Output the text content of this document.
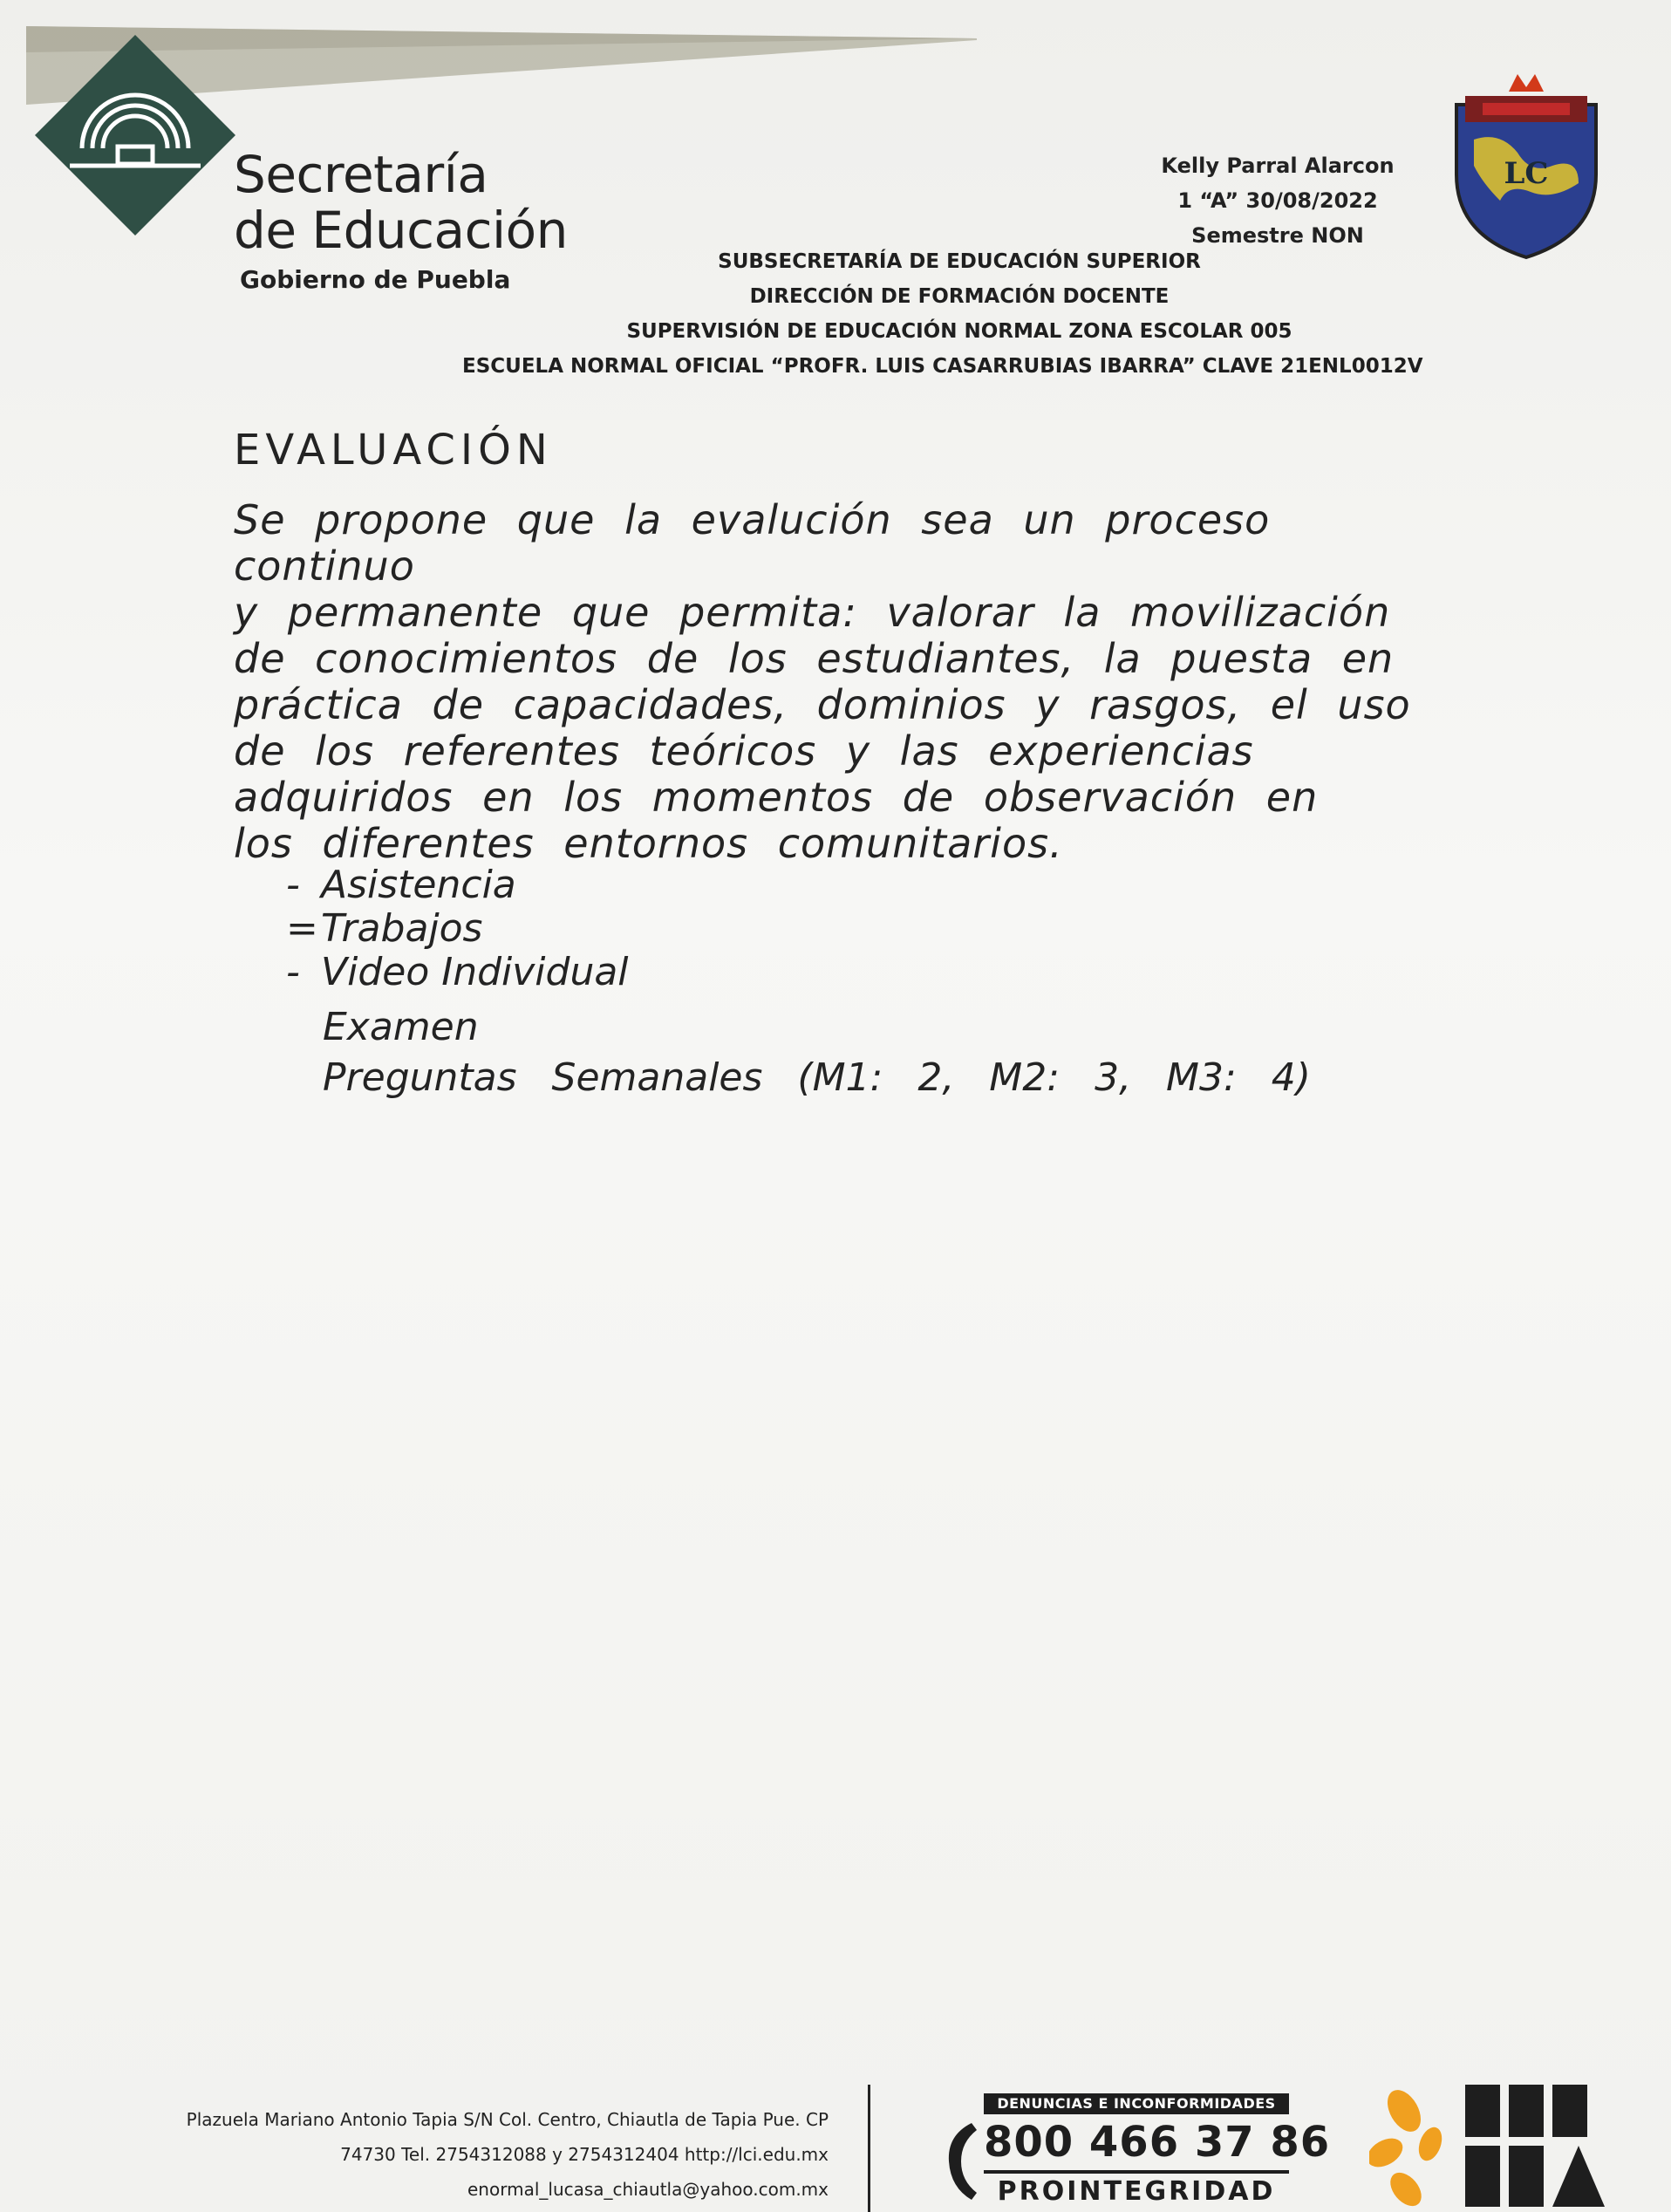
Secretaría
de Educación
Gobierno de Puebla
Kelly Parral Alarcon
1 “A” 30/08/2022
Semestre NON
LC
SUBSECRETARÍA DE EDUCACIÓN SUPERIOR
DIRECCIÓN DE FORMACIÓN DOCENTE
SUPERVISIÓN DE EDUCACIÓN NORMAL ZONA ESCOLAR 005
ESCUELA NORMAL OFICIAL “PROFR. LUIS CASARRUBIAS IBARRA” CLAVE 21ENL0012V
EVALUACIÓN
Se propone que la evalución sea un proceso continuo
y permanente que permita: valorar la movilización
de conocimientos de los estudiantes, la puesta en
práctica de capacidades, dominios y rasgos, el uso
de los referentes teóricos y las experiencias
adquiridos en los momentos de observación en
los diferentes entornos comunitarios.
- Asistencia
=Trabajos
- Video Individual
Examen
Preguntas Semanales (M1: 2, M2: 3, M3: 4)
Plazuela Mariano Antonio Tapia S/N Col. Centro, Chiautla de Tapia Pue. CP
74730 Tel. 2754312088 y 2754312404 http://lci.edu.mx
enormal_lucasa_chiautla@yahoo.com.mx
DENUNCIAS E INCONFORMIDADES
800 466 37 86
PROINTEGRIDAD
